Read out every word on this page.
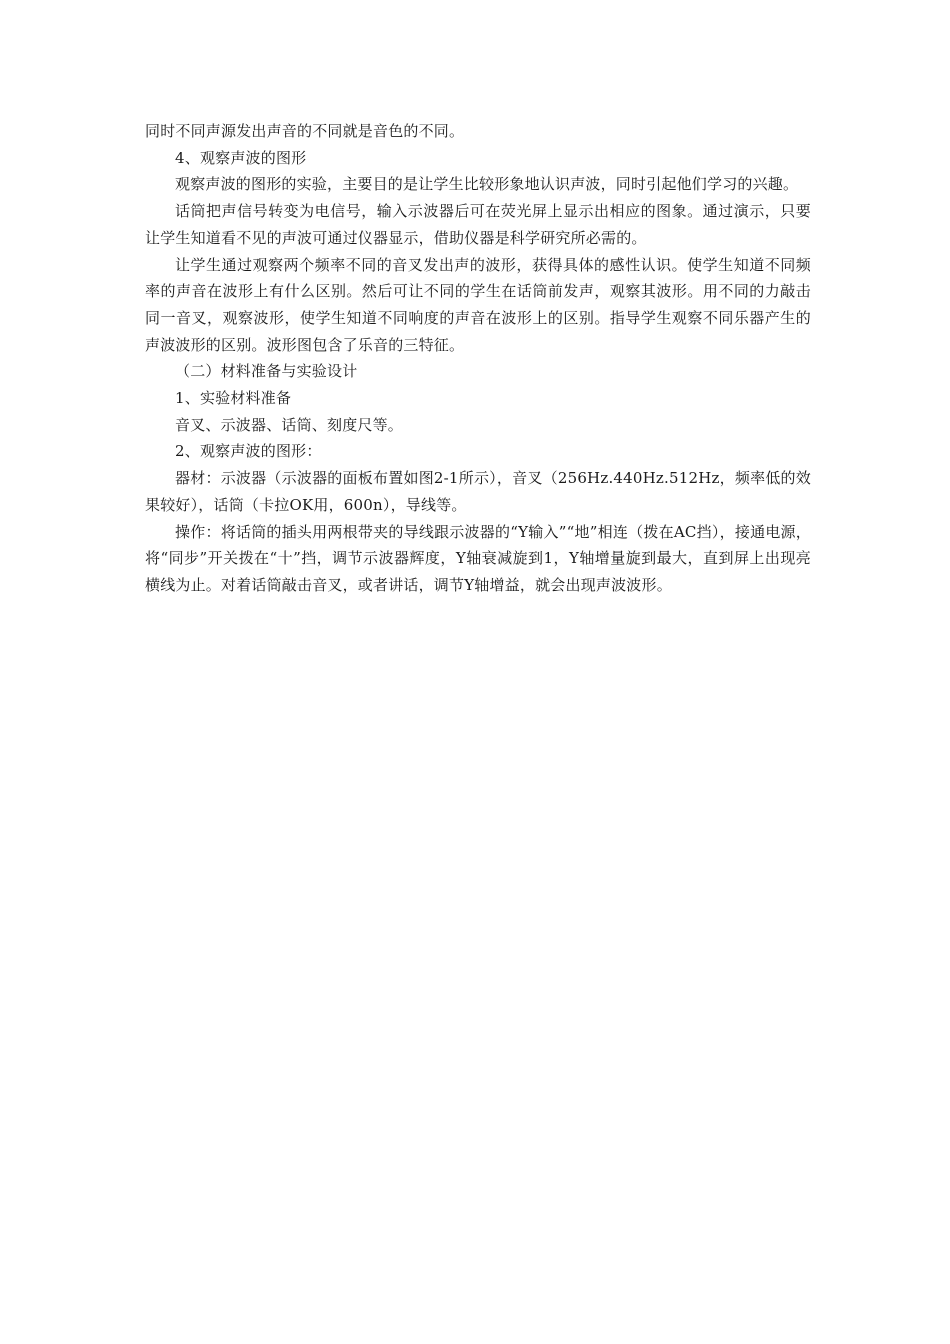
同时不同声源发出声音的不同就是音色的不同。

4、观察声波的图形

观察声波的图形的实验，主要目的是让学生比较形象地认识声波，同时引起他们学习的兴趣。

话筒把声信号转变为电信号，输入示波器后可在荧光屏上显示出相应的图象。通过演示，只要让学生知道看不见的声波可通过仪器显示，借助仪器是科学研究所必需的。

让学生通过观察两个频率不同的音叉发出声的波形，获得具体的感性认识。使学生知道不同频率的声音在波形上有什么区别。然后可让不同的学生在话筒前发声，观察其波形。用不同的力敲击同一音叉，观察波形，使学生知道不同响度的声音在波形上的区别。指导学生观察不同乐器产生的声波波形的区别。波形图包含了乐音的三特征。

（二）材料准备与实验设计

1、实验材料准备

音叉、示波器、话筒、刻度尺等。

2、观察声波的图形：

器材：示波器（示波器的面板布置如图2-1所示），音叉（256Hz.440Hz.512Hz，频率低的效果较好），话筒（卡拉OK用，600n），导线等。

操作：将话筒的插头用两根带夹的导线跟示波器的“Y输入”“地”相连（拨在AC挡），接通电源，将“同步”开关拨在“十”挡，调节示波器辉度，Y轴衰减旋到1，Y轴增量旋到最大，直到屏上出现亮横线为止。对着话筒敲击音叉，或者讲话，调节Y轴增益，就会出现声波波形。
